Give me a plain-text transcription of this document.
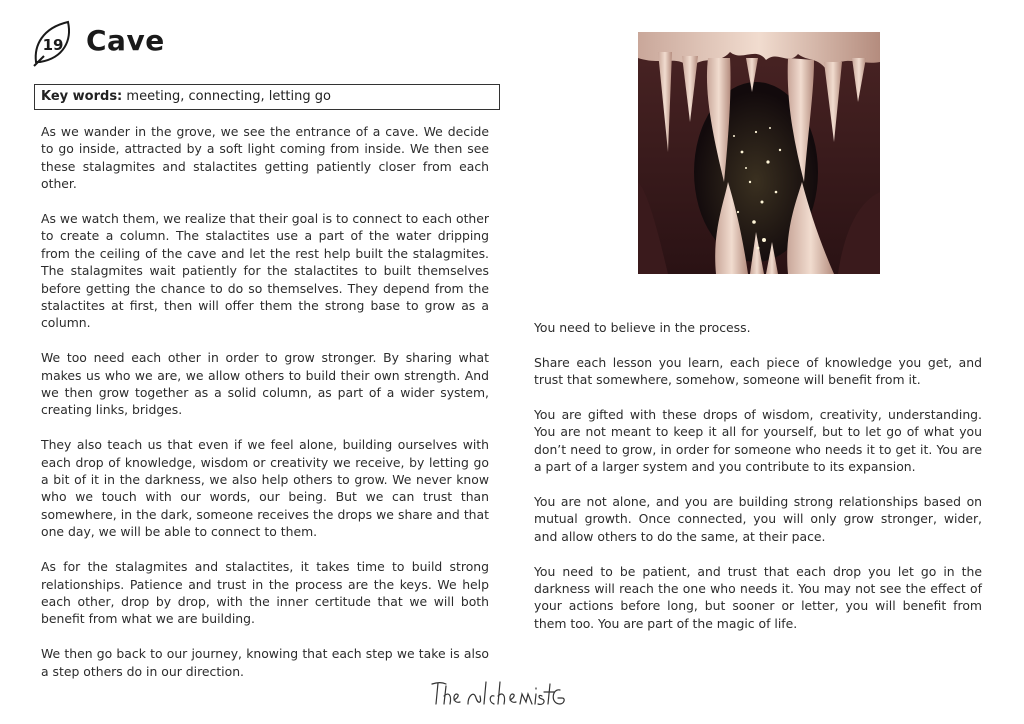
19 Cave
Key words: meeting, connecting, letting go

As we wander in the grove, we see the entrance of a cave. We decide to go inside, attracted by a soft light coming from inside. We then see these stalagmites and stalactites getting patiently closer from each other.

As we watch them, we realize that their goal is to connect to each other to create a column. The stalactites use a part of the water dripping from the ceiling of the cave and let the rest help built the stalagmites. The stalagmites wait patiently for the stalactites to built themselves before getting the chance to do so themselves. They depend from the stalactites at first, then will offer them the strong base to grow as a column.

We too need each other in order to grow stronger. By sharing what makes us who we are, we allow others to build their own strength. And we then grow together as a solid column, as part of a wider system, creating links, bridges.

They also teach us that even if we feel alone, building ourselves with each drop of knowledge, wisdom or creativity we receive, by letting go a bit of it in the darkness, we also help others to grow. We never know who we touch with our words, our being. But we can trust than somewhere, in the dark, someone receives the drops we share and that one day, we will be able to connect to them.

As for the stalagmites and stalactites, it takes time to build strong relationships. Patience and trust in the process are the keys. We help each other, drop by drop, with the inner certitude that we will both benefit from what we are building.

We then go back to our journey, knowing that each step we take is also a step others do in our direction.

You need to believe in the process.

Share each lesson you learn, each piece of knowledge you get, and trust that somewhere, somehow, someone will benefit from it.

You are gifted with these drops of wisdom, creativity, understanding. You are not meant to keep it all for yourself, but to let go of what you don’t need to grow, in order for someone who needs it to get it. You are a part of a larger system and you contribute to its expansion.

You are not alone, and you are building strong relationships based on mutual growth. Once connected, you will only grow stronger, wider, and allow others to do the same, at their pace.

You need to be patient, and trust that each drop you let go in the darkness will reach the one who needs it. You may not see the effect of your actions before long, but sooner or letter, you will benefit from them too. You are part of the magic of life.

The alchemist Grove
